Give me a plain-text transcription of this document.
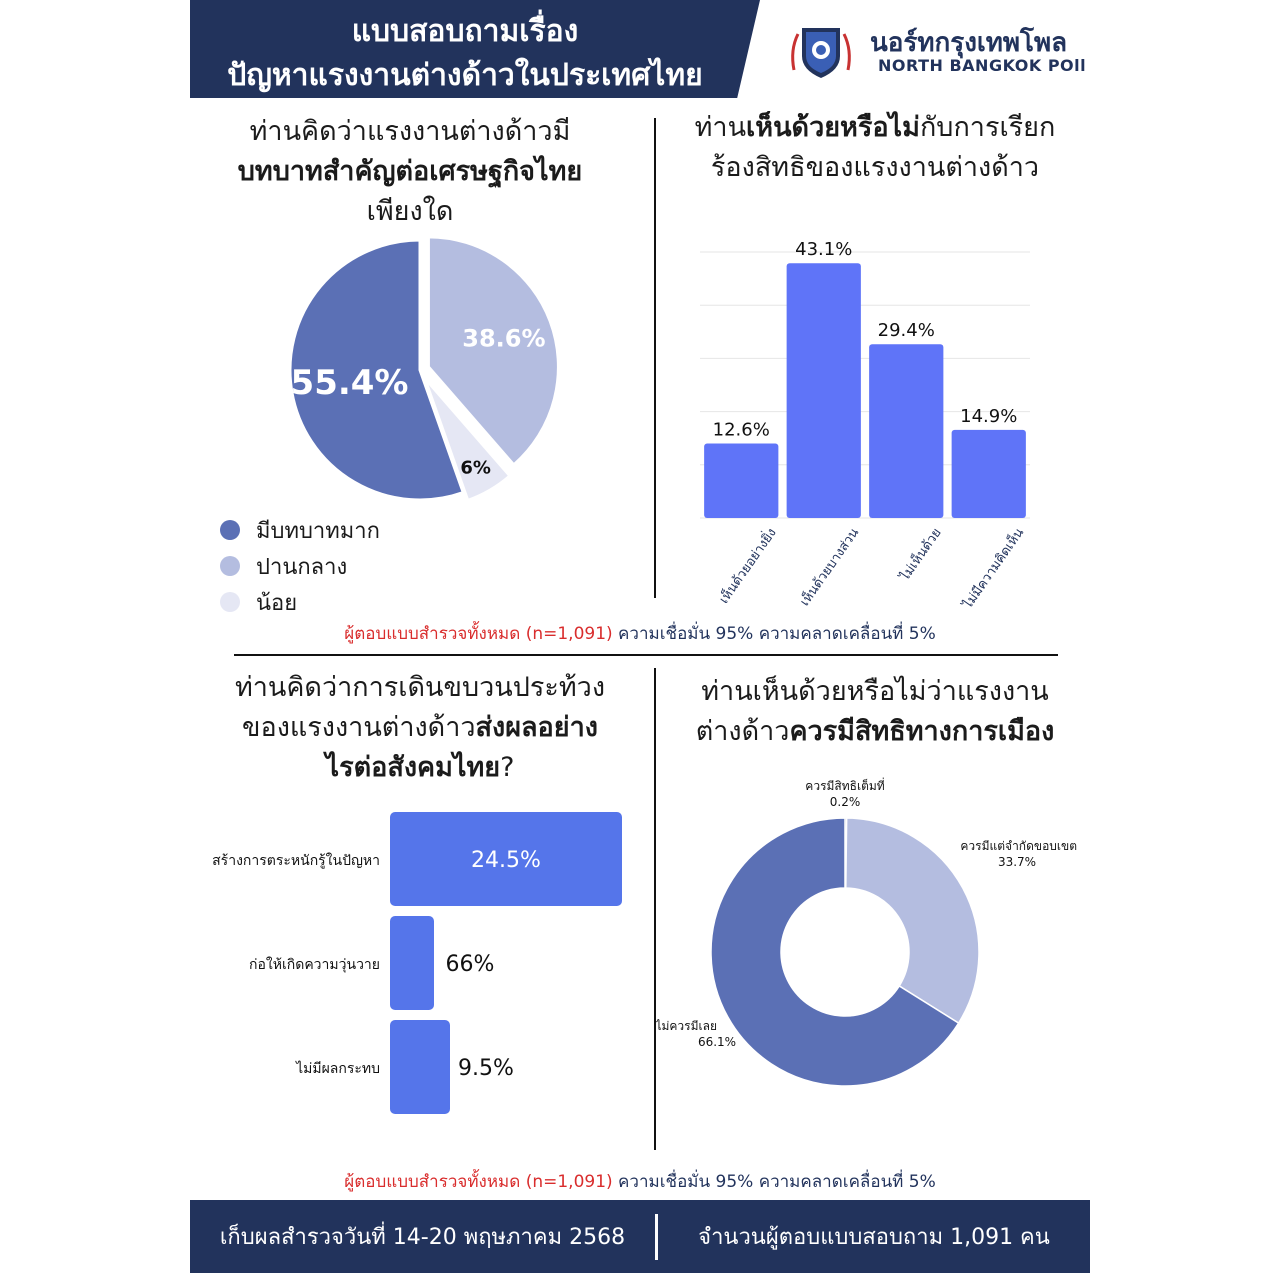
แบบสอบถามเรื่อง
ปัญหาแรงงานต่างด้าวในประเทศไทย
นอร์ทกรุงเทพโพล
NORTH BANGKOK POll
ท่านคิดว่าแรงงานต่างด้าวมี
บทบาทสำคัญต่อเศรษฐกิจไทย
เพียงใด
38.6%
6%
55.4%
มีบทบาทมาก
ปานกลาง
น้อย
ท่านเห็นด้วยหรือไม่กับการเรียก
ร้องสิทธิของแรงงานต่างด้าว
12.6%
เห็นด้วยอย่างยิ่ง
43.1%
เห็นด้วยบางส่วน
29.4%
ไม่เห็นด้วย
14.9%
ไม่มีความคิดเห็น
ผู้ตอบแบบสำรวจทั้งหมด (n=1,091) ความเชื่อมั่น 95% ความคลาดเคลื่อนที่ 5%
ท่านคิดว่าการเดินขบวนประท้วง
ของแรงงานต่างด้าวส่งผลอย่าง
ไรต่อสังคมไทย?
สร้างการตระหนักรู้ในปัญหา	24.5%
ก่อให้เกิดความวุ่นวาย	66%
ไม่มีผลกระทบ	9.5%
ท่านเห็นด้วยหรือไม่ว่าแรงงาน
ต่างด้าวควรมีสิทธิทางการเมือง
ควรมีสิทธิเต็มที่
0.2%
ควรมีแต่จำกัดขอบเขต
33.7%
ไม่ควรมีเลย
66.1%
ผู้ตอบแบบสำรวจทั้งหมด (n=1,091) ความเชื่อมั่น 95% ความคลาดเคลื่อนที่ 5%
เก็บผลสำรวจวันที่ 14-20 พฤษภาคม 2568	จำนวนผู้ตอบแบบสอบถาม 1,091 คน
